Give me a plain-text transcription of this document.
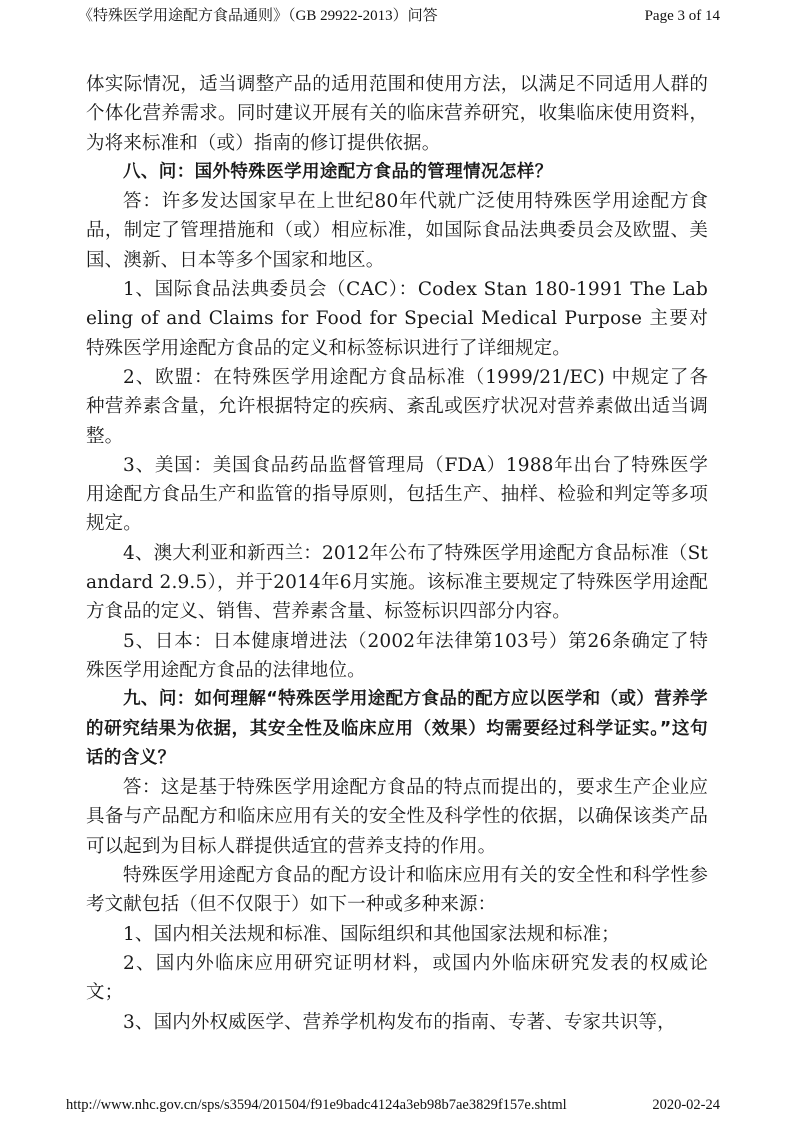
《特殊医学用途配方食品通则》（GB 29922-2013）问答	Page 3 of 14

体实际情况，适当调整产品的适用范围和使用方法，以满足不同适用人群的个体化营养需求。同时建议开展有关的临床营养研究，收集临床使用资料，为将来标准和（或）指南的修订提供依据。

八、问：国外特殊医学用途配方食品的管理情况怎样？

答：许多发达国家早在上世纪80年代就广泛使用特殊医学用途配方食品，制定了管理措施和（或）相应标准，如国际食品法典委员会及欧盟、美国、澳新、日本等多个国家和地区。

1、国际食品法典委员会（CAC）：Codex Stan 180-1991 The Labeling of and Claims for Food for Special Medical Purpose 主要对特殊医学用途配方食品的定义和标签标识进行了详细规定。

2、欧盟：在特殊医学用途配方食品标准（1999/21/EC) 中规定了各种营养素含量，允许根据特定的疾病、紊乱或医疗状况对营养素做出适当调整。

3、美国：美国食品药品监督管理局（FDA）1988年出台了特殊医学用途配方食品生产和监管的指导原则，包括生产、抽样、检验和判定等多项规定。

4、澳大利亚和新西兰：2012年公布了特殊医学用途配方食品标准（Standard 2.9.5），并于2014年6月实施。该标准主要规定了特殊医学用途配方食品的定义、销售、营养素含量、标签标识四部分内容。

5、日本：日本健康增进法（2002年法律第103号）第26条确定了特殊医学用途配方食品的法律地位。

九、问：如何理解“特殊医学用途配方食品的配方应以医学和（或）营养学的研究结果为依据，其安全性及临床应用（效果）均需要经过科学证实。”这句话的含义？

答：这是基于特殊医学用途配方食品的特点而提出的，要求生产企业应具备与产品配方和临床应用有关的安全性及科学性的依据，以确保该类产品可以起到为目标人群提供适宜的营养支持的作用。

特殊医学用途配方食品的配方设计和临床应用有关的安全性和科学性参考文献包括（但不仅限于）如下一种或多种来源：

1、国内相关法规和标准、国际组织和其他国家法规和标准；

2、国内外临床应用研究证明材料，或国内外临床研究发表的权威论文；

3、国内外权威医学、营养学机构发布的指南、专著、专家共识等，

http://www.nhc.gov.cn/sps/s3594/201504/f91e9badc4124a3eb98b7ae3829f157e.shtml	2020-02-24
